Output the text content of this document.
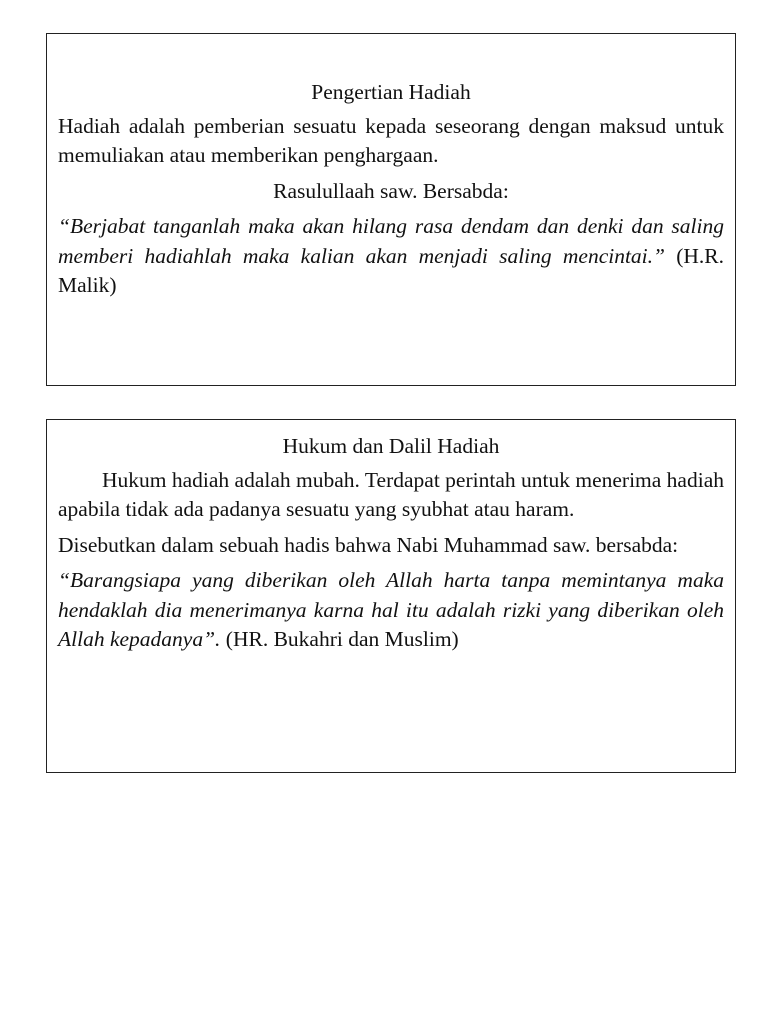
Pengertian Hadiah

Hadiah adalah pemberian sesuatu kepada seseorang dengan maksud untuk memuliakan atau memberikan penghargaan.

Rasulullaah saw. Bersabda:

“Berjabat tanganlah maka akan hilang rasa dendam dan denki dan saling memberi hadiahlah maka kalian akan menjadi saling mencintai.” (H.R. Malik)

Hukum dan Dalil Hadiah

Hukum hadiah adalah mubah. Terdapat perintah untuk menerima hadiah apabila tidak ada padanya sesuatu yang syubhat atau haram.

Disebutkan dalam sebuah hadis bahwa Nabi Muhammad saw. bersabda:

“Barangsiapa yang diberikan oleh Allah harta tanpa memintanya maka hendaklah dia menerimanya karna hal itu adalah rizki yang diberikan oleh Allah kepadanya”. (HR. Bukahri dan Muslim)
